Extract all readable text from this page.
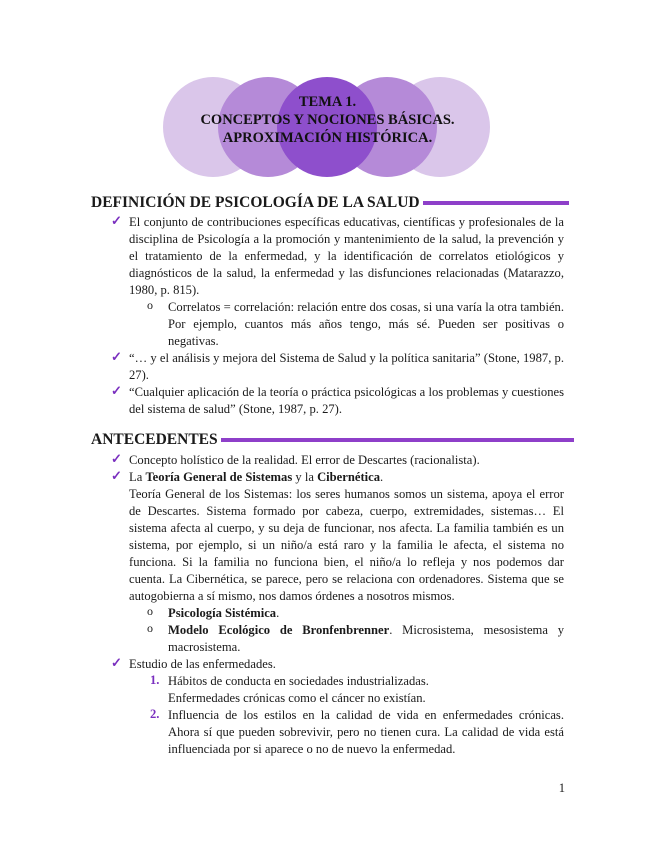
TEMA 1.
CONCEPTOS Y NOCIONES BÁSICAS.
APROXIMACIÓN HISTÓRICA.
DEFINICIÓN DE PSICOLOGÍA DE LA SALUD
✓ El conjunto de contribuciones específicas educativas, científicas y profesionales de la disciplina de Psicología a la promoción y mantenimiento de la salud, la prevención y el tratamiento de la enfermedad, y la identificación de correlatos etiológicos y diagnósticos de la salud, la enfermedad y las disfunciones relacionadas (Matarazzo, 1980, p. 815).
o Correlatos = correlación: relación entre dos cosas, si una varía la otra también. Por ejemplo, cuantos más años tengo, más sé. Pueden ser positivas o negativas.
✓ “… y el análisis y mejora del Sistema de Salud y la política sanitaria” (Stone, 1987, p. 27).
✓ “Cualquier aplicación de la teoría o práctica psicológicas a los problemas y cuestiones del sistema de salud” (Stone, 1987, p. 27).
ANTECEDENTES
✓ Concepto holístico de la realidad. El error de Descartes (racionalista).
✓ La Teoría General de Sistemas y la Cibernética.
Teoría General de los Sistemas: los seres humanos somos un sistema, apoya el error de Descartes. Sistema formado por cabeza, cuerpo, extremidades, sistemas… El sistema afecta al cuerpo, y su deja de funcionar, nos afecta. La familia también es un sistema, por ejemplo, si un niño/a está raro y la familia le afecta, el sistema no funciona. Si la familia no funciona bien, el niño/a lo refleja y nos podemos dar cuenta. La Cibernética, se parece, pero se relaciona con ordenadores. Sistema que se autogobierna a sí mismo, nos damos órdenes a nosotros mismos.
o Psicología Sistémica.
o Modelo Ecológico de Bronfenbrenner. Microsistema, mesosistema y macrosistema.
✓ Estudio de las enfermedades.
1. Hábitos de conducta en sociedades industrializadas.
Enfermedades crónicas como el cáncer no existían.
2. Influencia de los estilos en la calidad de vida en enfermedades crónicas. Ahora sí que pueden sobrevivir, pero no tienen cura. La calidad de vida está influenciada por si aparece o no de nuevo la enfermedad.
1
